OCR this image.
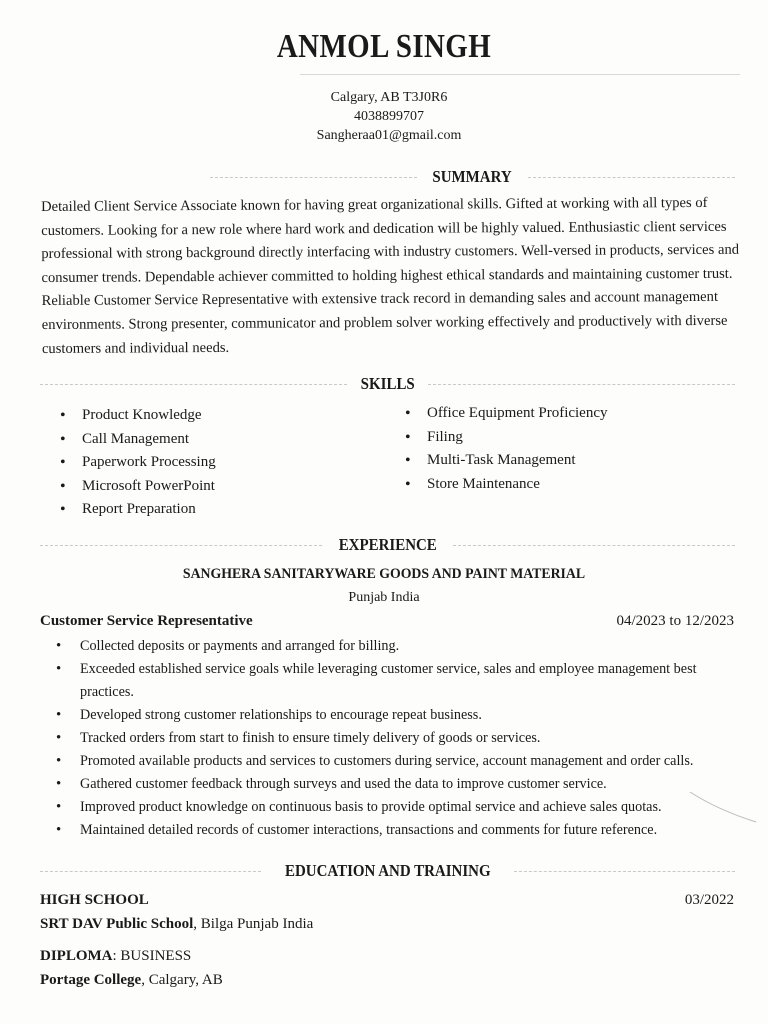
ANMOL SINGH
Calgary, AB T3J0R6
4038899707
Sangheraa01@gmail.com
SUMMARY
Detailed Client Service Associate known for having great organizational skills. Gifted at working with all types of
customers. Looking for a new role where hard work and dedication will be highly valued. Enthusiastic client services
professional with strong background directly interfacing with industry customers. Well-versed in products, services and
consumer trends. Dependable achiever committed to holding highest ethical standards and maintaining customer trust.
Reliable Customer Service Representative with extensive track record in demanding sales and account management
environments. Strong presenter, communicator and problem solver working effectively and productively with diverse
customers and individual needs.
SKILLS
• Product Knowledge
• Call Management
• Paperwork Processing
• Microsoft PowerPoint
• Report Preparation
• Office Equipment Proficiency
• Filing
• Multi-Task Management
• Store Maintenance
EXPERIENCE
SANGHERA SANITARYWARE GOODS AND PAINT MATERIAL
Punjab India
Customer Service Representative	04/2023 to 12/2023
• Collected deposits or payments and arranged for billing.
• Exceeded established service goals while leveraging customer service, sales and employee management best practices.
• Developed strong customer relationships to encourage repeat business.
• Tracked orders from start to finish to ensure timely delivery of goods or services.
• Promoted available products and services to customers during service, account management and order calls.
• Gathered customer feedback through surveys and used the data to improve customer service.
• Improved product knowledge on continuous basis to provide optimal service and achieve sales quotas.
• Maintained detailed records of customer interactions, transactions and comments for future reference.
EDUCATION AND TRAINING
HIGH SCHOOL	03/2022
SRT DAV Public School , Bilga Punjab India
DIPLOMA : BUSINESS
Portage College , Calgary, AB
